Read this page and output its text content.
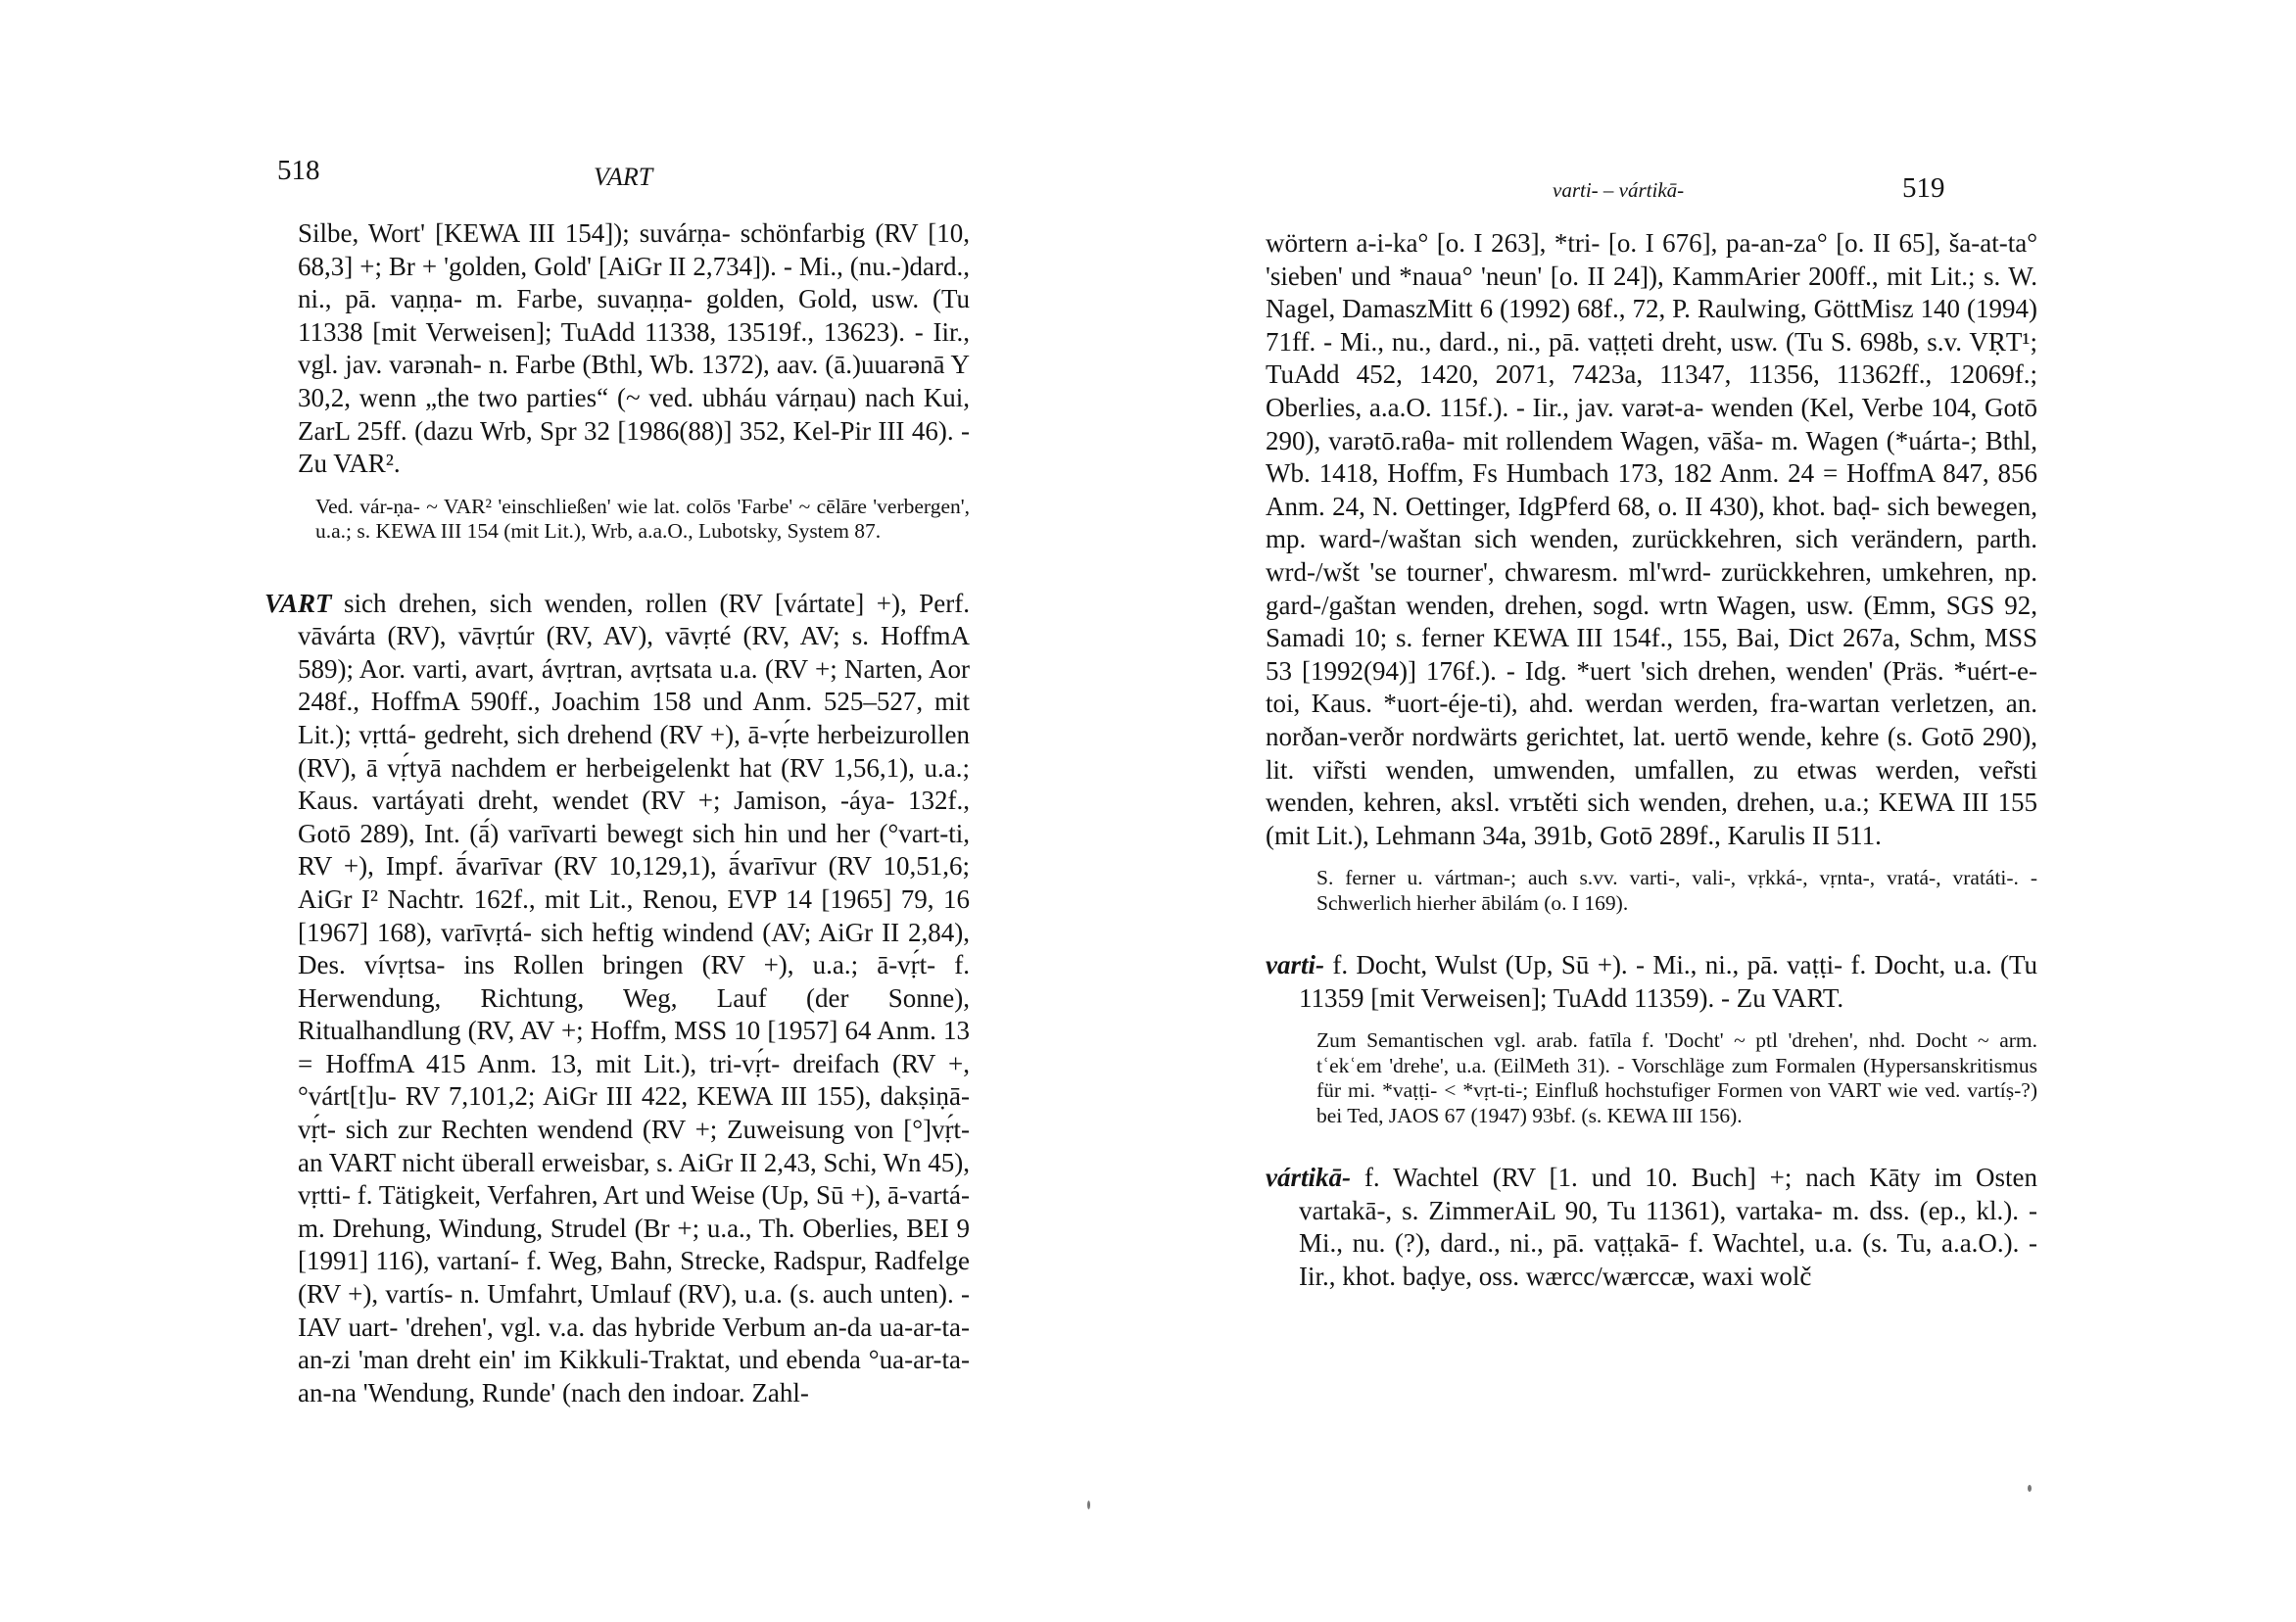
518	VART

Silbe, Wort' [KEWA III 154]); suvárṇa- schönfarbig (RV [10, 68,3] +; Br + 'golden, Gold' [AiGr II 2,734]). - Mi., (nu.-)dard., ni., pā. vaṇṇa- m. Farbe, suvaṇṇa- golden, Gold, usw. (Tu 11338 [mit Verweisen]; TuAdd 11338, 13519f., 13623). - Iir., vgl. jav. varənah- n. Farbe (Bthl, Wb. 1372), aav. (ā.)uuarənā Y 30,2, wenn „the two parties“ (~ ved. ubháu várṇau) nach Kui, ZarL 25ff. (dazu Wrb, Spr 32 [1986(88)] 352, Kel-Pir III 46). - Zu VAR².

Ved. vár-ṇa- ~ VAR² 'einschließen' wie lat. colōs 'Farbe' ~ cēlāre 'verbergen', u.a.; s. KEWA III 154 (mit Lit.), Wrb, a.a.O., Lubotsky, System 87.

VART sich drehen, sich wenden, rollen (RV [vártate] +), Perf. vāvárta (RV), vāvṛtúr (RV, AV), vāvṛté (RV, AV; s. HoffmA 589); Aor. varti, avart, ávṛtran, avṛtsata u.a. (RV +; Narten, Aor 248f., HoffmA 590ff., Joachim 158 und Anm. 525–527, mit Lit.); vṛttá- gedreht, sich drehend (RV +), ā-vṛ́te herbeizurollen (RV), ā vṛ́tyā nachdem er herbeigelenkt hat (RV 1,56,1), u.a.; Kaus. vartáyati dreht, wendet (RV +; Jamison, -áya- 132f., Gotō 289), Int. (ā́) varīvarti bewegt sich hin und her (°vart-ti, RV +), Impf. ā́varīvar (RV 10,129,1), ā́varīvur (RV 10,51,6; AiGr I² Nachtr. 162f., mit Lit., Renou, EVP 14 [1965] 79, 16 [1967] 168), varīvṛtá- sich heftig windend (AV; AiGr II 2,84), Des. vívṛtsa- ins Rollen bringen (RV +), u.a.; ā-vṛ́t- f. Herwendung, Richtung, Weg, Lauf (der Sonne), Ritualhandlung (RV, AV +; Hoffm, MSS 10 [1957] 64 Anm. 13 = HoffmA 415 Anm. 13, mit Lit.), tri-vṛ́t- dreifach (RV +, °várt[t]u- RV 7,101,2; AiGr III 422, KEWA III 155), dakṣiṇā-vṛ́t- sich zur Rechten wendend (RV +; Zuweisung von [°]vṛ́t- an VART nicht überall erweisbar, s. AiGr II 2,43, Schi, Wn 45), vṛtti- f. Tätigkeit, Verfahren, Art und Weise (Up, Sū +), ā-vartá- m. Drehung, Windung, Strudel (Br +; u.a., Th. Oberlies, BEI 9 [1991] 116), vartaní- f. Weg, Bahn, Strecke, Radspur, Radfelge (RV +), vartís- n. Umfahrt, Umlauf (RV), u.a. (s. auch unten). - IAV uart- 'drehen', vgl. v.a. das hybride Verbum an-da ua-ar-ta-an-zi 'man dreht ein' im Kikkuli-Traktat, und ebenda °ua-ar-ta-an-na 'Wendung, Runde' (nach den indoar. Zahl-

varti- – vártikā-	519

wörtern a-i-ka° [o. I 263], *tri- [o. I 676], pa-an-za° [o. II 65], ša-at-ta° 'sieben' und *naua° 'neun' [o. II 24]), KammArier 200ff., mit Lit.; s. W. Nagel, DamaszMitt 6 (1992) 68f., 72, P. Raulwing, GöttMisz 140 (1994) 71ff. - Mi., nu., dard., ni., pā. vaṭṭeti dreht, usw. (Tu S. 698b, s.v. VṚT¹; TuAdd 452, 1420, 2071, 7423a, 11347, 11356, 11362ff., 12069f.; Oberlies, a.a.O. 115f.). - Iir., jav. varət-a- wenden (Kel, Verbe 104, Gotō 290), varətō.raθa- mit rollendem Wagen, vāša- m. Wagen (*uárta-; Bthl, Wb. 1418, Hoffm, Fs Humbach 173, 182 Anm. 24 = HoffmA 847, 856 Anm. 24, N. Oettinger, IdgPferd 68, o. II 430), khot. baḍ- sich bewegen, mp. ward-/waštan sich wenden, zurückkehren, sich verändern, parth. wrd-/wšt 'se tourner', chwaresm. ml'wrd- zurückkehren, umkehren, np. gard-/gaštan wenden, drehen, sogd. wrtn Wagen, usw. (Emm, SGS 92, Samadi 10; s. ferner KEWA III 154f., 155, Bai, Dict 267a, Schm, MSS 53 [1992(94)] 176f.). - Idg. *uert 'sich drehen, wenden' (Präs. *uért-e-toi, Kaus. *uort-éje-ti), ahd. werdan werden, fra-wartan verletzen, an. norðan-verðr nordwärts gerichtet, lat. uertō wende, kehre (s. Gotō 290), lit. vir̃sti wenden, umwenden, umfallen, zu etwas werden, ver̃sti wenden, kehren, aksl. vrъtěti sich wenden, drehen, u.a.; KEWA III 155 (mit Lit.), Lehmann 34a, 391b, Gotō 289f., Karulis II 511.

S. ferner u. vártman-; auch s.vv. varti-, vali-, vṛkká-, vṛnta-, vratá-, vratáti-. - Schwerlich hierher ābilám (o. I 169).

varti- f. Docht, Wulst (Up, Sū +). - Mi., ni., pā. vaṭṭi- f. Docht, u.a. (Tu 11359 [mit Verweisen]; TuAdd 11359). - Zu VART.

Zum Semantischen vgl. arab. fatīla f. 'Docht' ~ ptl 'drehen', nhd. Docht ~ arm. tʿekʿem 'drehe', u.a. (EilMeth 31). - Vorschläge zum Formalen (Hypersanskritismus für mi. *vaṭṭi- < *vṛt-ti-; Einfluß hochstufiger Formen von VART wie ved. vartíṣ-?) bei Ted, JAOS 67 (1947) 93bf. (s. KEWA III 156).

vártikā- f. Wachtel (RV [1. und 10. Buch] +; nach Kāty im Osten vartakā-, s. ZimmerAiL 90, Tu 11361), vartaka- m. dss. (ep., kl.). - Mi., nu. (?), dard., ni., pā. vaṭṭakā- f. Wachtel, u.a. (s. Tu, a.a.O.). - Iir., khot. baḍye, oss. wærcc/wærccæ, waxi wolč
